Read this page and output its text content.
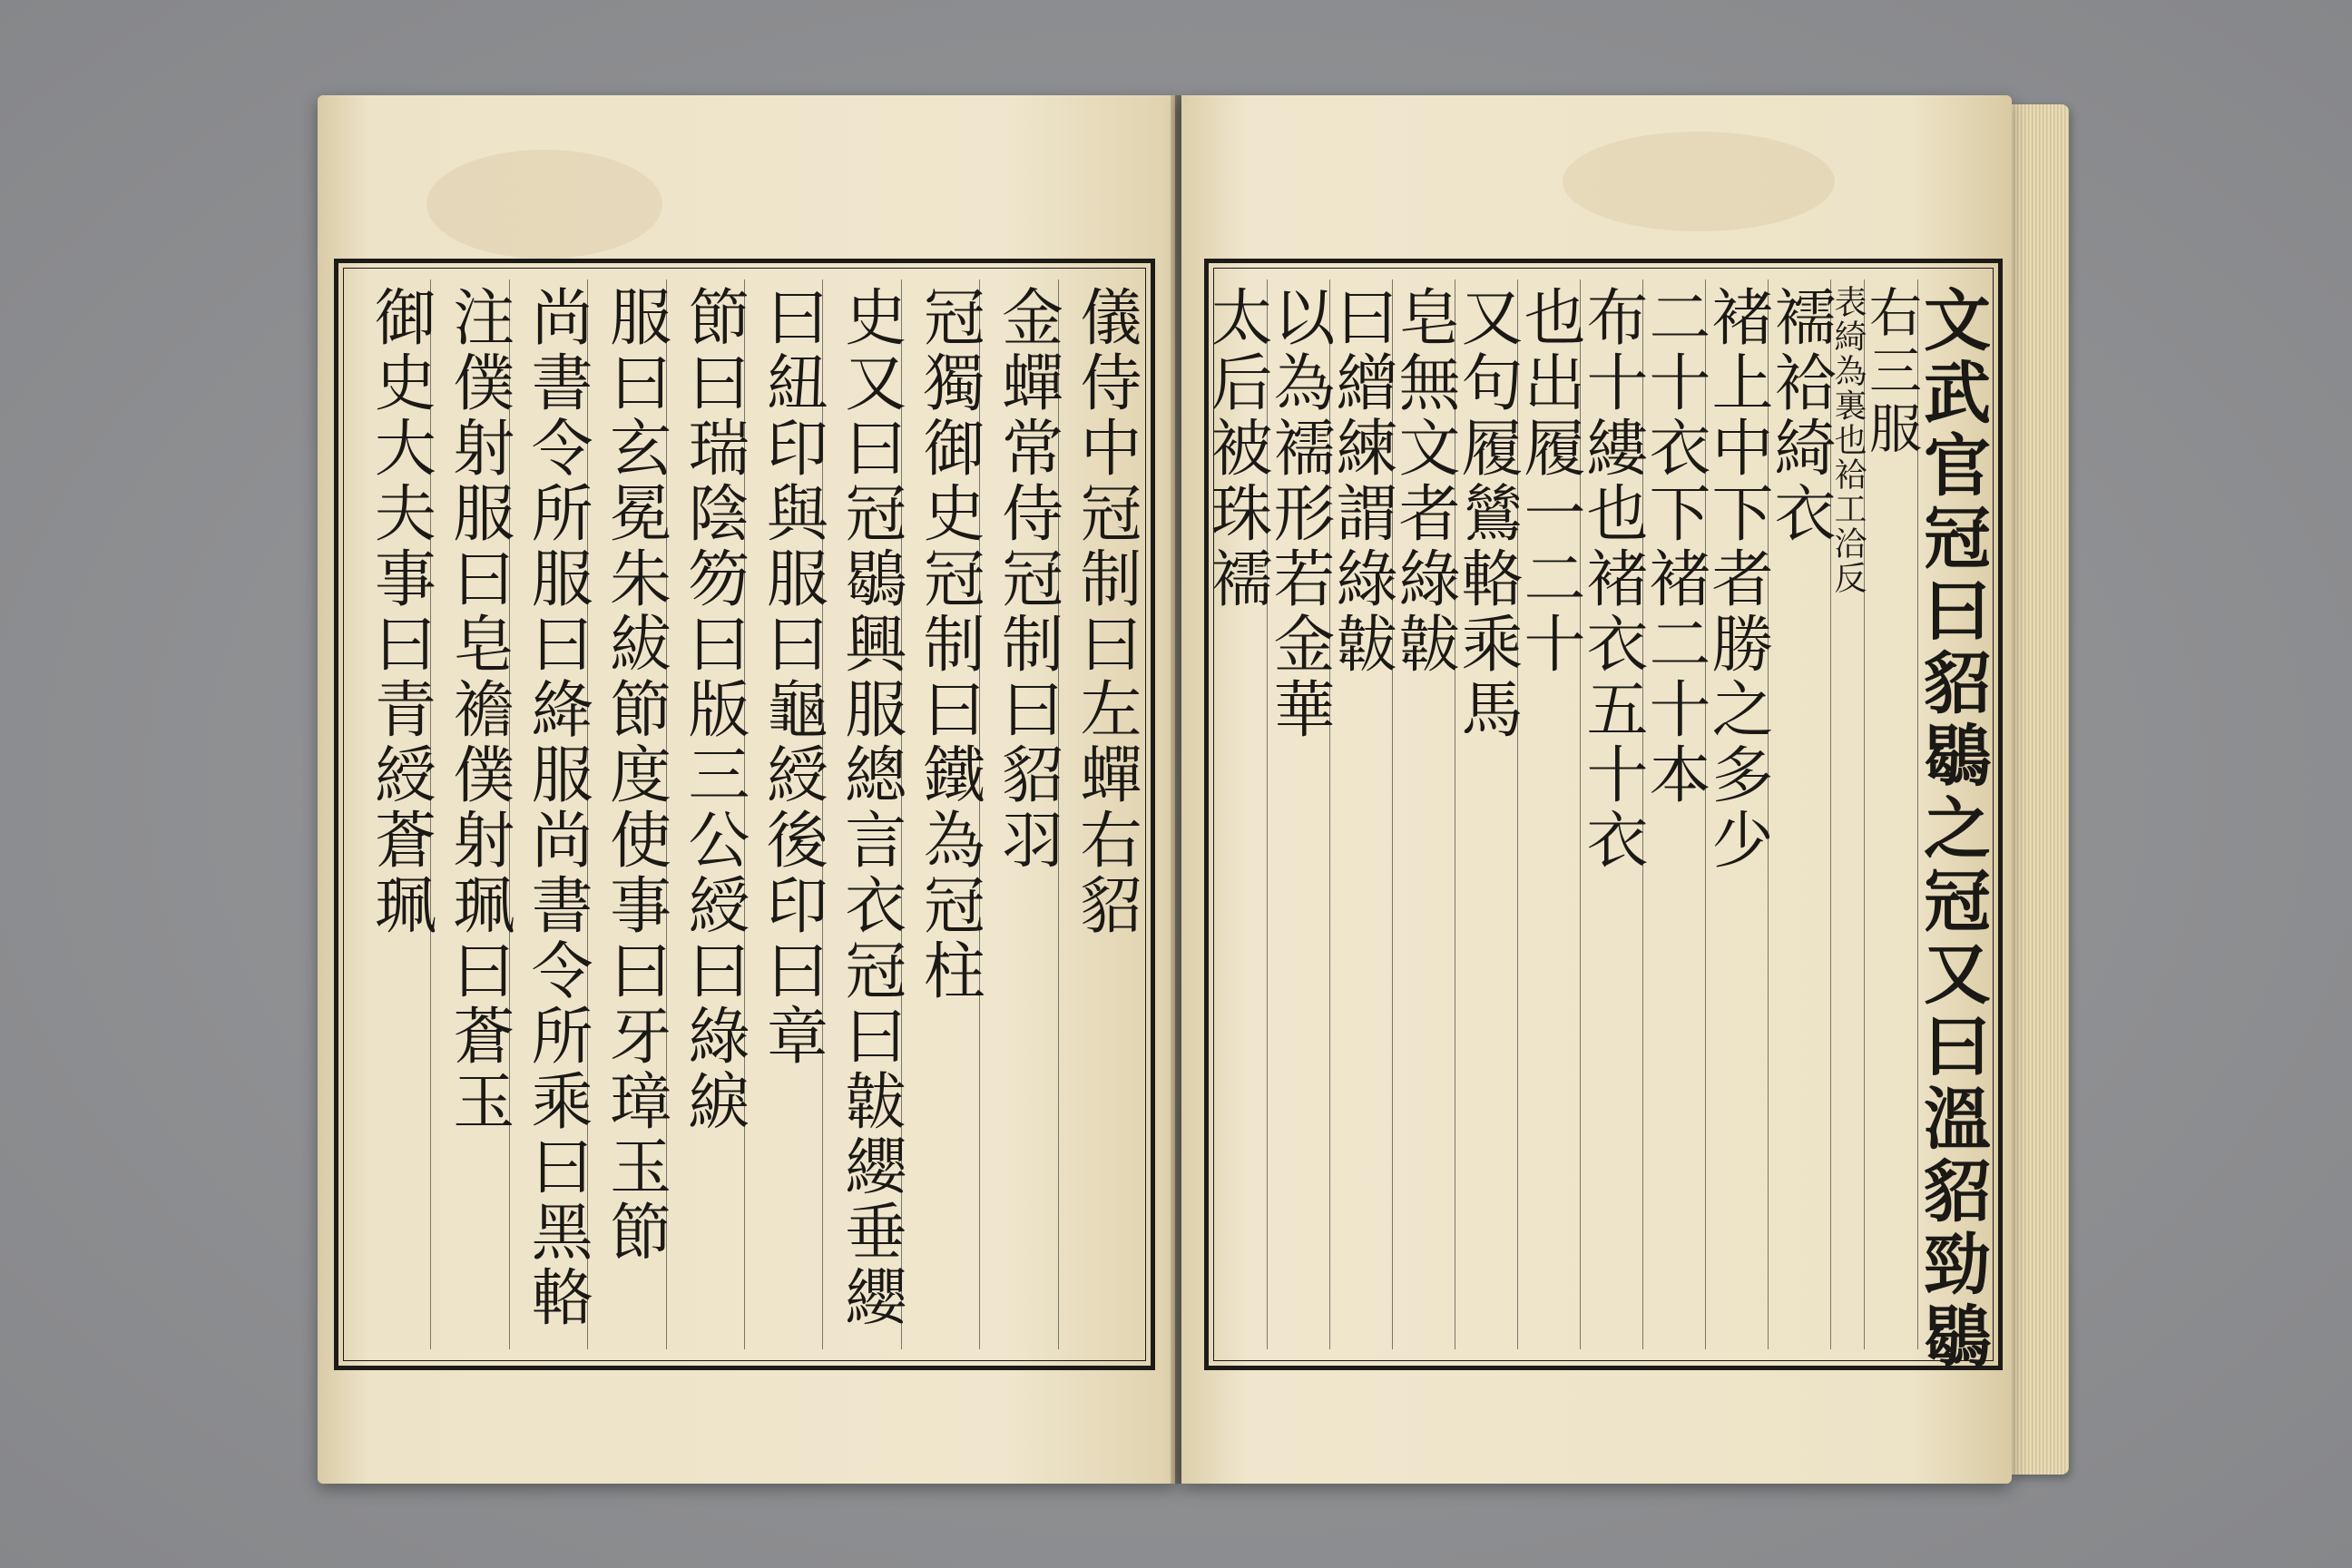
儀侍中冠制曰左蟬右貂
金蟬常侍冠制曰貂羽
冠獨御史冠制曰鐵為冠柱
史又曰冠鶡興服總言衣冠曰韍纓垂纓
曰紐印與服曰龜綬後印曰章
節曰瑞陰笏曰版三公綬曰綠綟
服曰玄冕朱紱節度使事曰牙璋玉節
尚書令所服曰絳服尚書令所乘曰黑輅
注僕射服曰皂襜僕射珮曰蒼玉
御史大夫事曰青綬蒼珮	文武官冠曰貂鶡之冠又曰溫貂勁鶡
右三服
表綺為裏也袷工洽反
襦袷綺衣
褚上中下者勝之多少
二十衣下褚二十本
布十縷也褚衣五十衣
也出履一二十
又句履鷥輅乘馬
皂無文者綠韍
曰繒練謂綠韍
以為襦形若金華
太后被珠襦
